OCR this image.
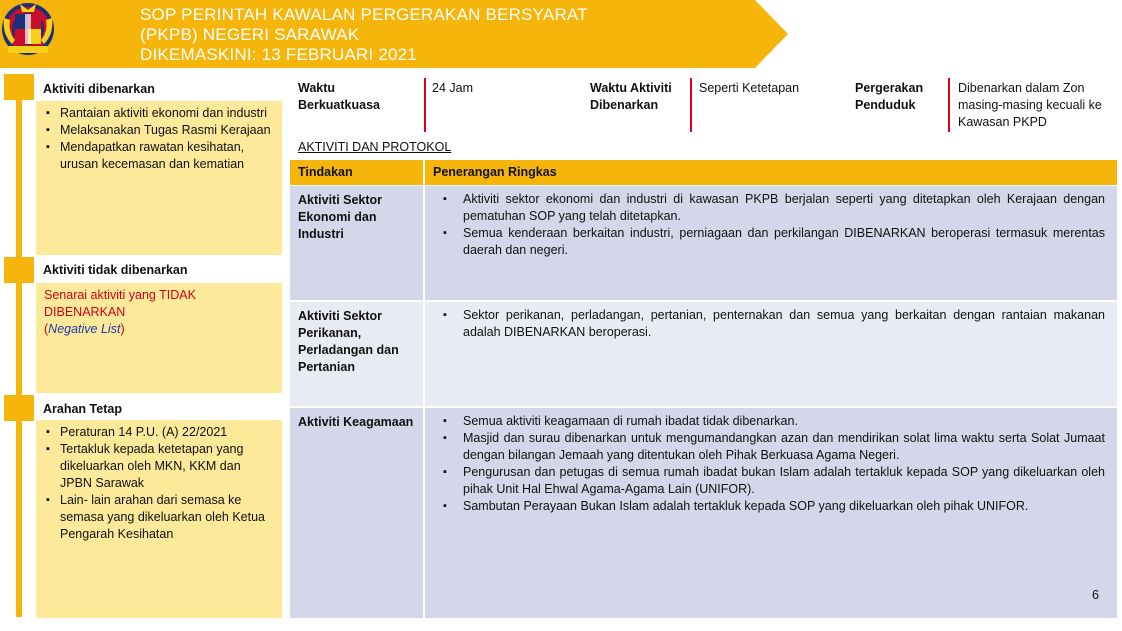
SOP PERINTAH KAWALAN PERGERAKAN BERSYARAT
(PKPB) NEGERI SARAWAK
DIKEMASKINI: 13 FEBRUARI 2021
Aktiviti dibenarkan
▪ Rantaian aktiviti ekonomi dan industri
▪ Melaksanakan Tugas Rasmi Kerajaan
▪ Mendapatkan rawatan kesihatan, urusan kecemasan dan kematian
Aktiviti tidak dibenarkan
Senarai aktiviti yang TIDAK DIBENARKAN
(Negative List)
Arahan Tetap
▪ Peraturan 14 P.U. (A) 22/2021
▪ Tertakluk kepada ketetapan yang dikeluarkan oleh MKN, KKM dan JPBN Sarawak
▪ Lain- lain arahan dari semasa ke semasa yang dikeluarkan oleh Ketua Pengarah Kesihatan
Waktu Berkuatkuasa
24 Jam	Waktu Aktiviti Dibenarkan
Seperti Ketetapan	Pergerakan Penduduk
Dibenarkan dalam Zon masing-masing kecuali ke Kawasan PKPD
AKTIVITI DAN PROTOKOL
Tindakan	Penerangan Ringkas
Aktiviti Sektor Ekonomi dan Industri
▪ Aktiviti sektor ekonomi dan industri di kawasan PKPB berjalan seperti yang ditetapkan oleh Kerajaan dengan pematuhan SOP yang telah ditetapkan.
▪ Semua kenderaan berkaitan industri, perniagaan dan perkilangan DIBENARKAN beroperasi termasuk merentas daerah dan negeri.
Aktiviti Sektor Perikanan, Perladangan dan Pertanian
▪ Sektor perikanan, perladangan, pertanian, penternakan dan semua yang berkaitan dengan rantaian makanan adalah DIBENARKAN beroperasi.
Aktiviti Keagamaan
▪	Semua aktiviti keagamaan di rumah ibadat tidak dibenarkan.
▪ Masjid dan surau dibenarkan untuk mengumandangkan azan dan mendirikan solat lima waktu serta Solat Jumaat dengan bilangan Jemaah yang ditentukan oleh Pihak Berkuasa Agama Negeri.
▪ Pengurusan dan petugas di semua rumah ibadat bukan Islam adalah tertakluk kepada SOP yang dikeluarkan oleh pihak Unit Hal Ehwal Agama-Agama Lain (UNIFOR).
▪ Sambutan Perayaan Bukan Islam adalah tertakluk kepada SOP yang dikeluarkan oleh pihak UNIFOR.
6
